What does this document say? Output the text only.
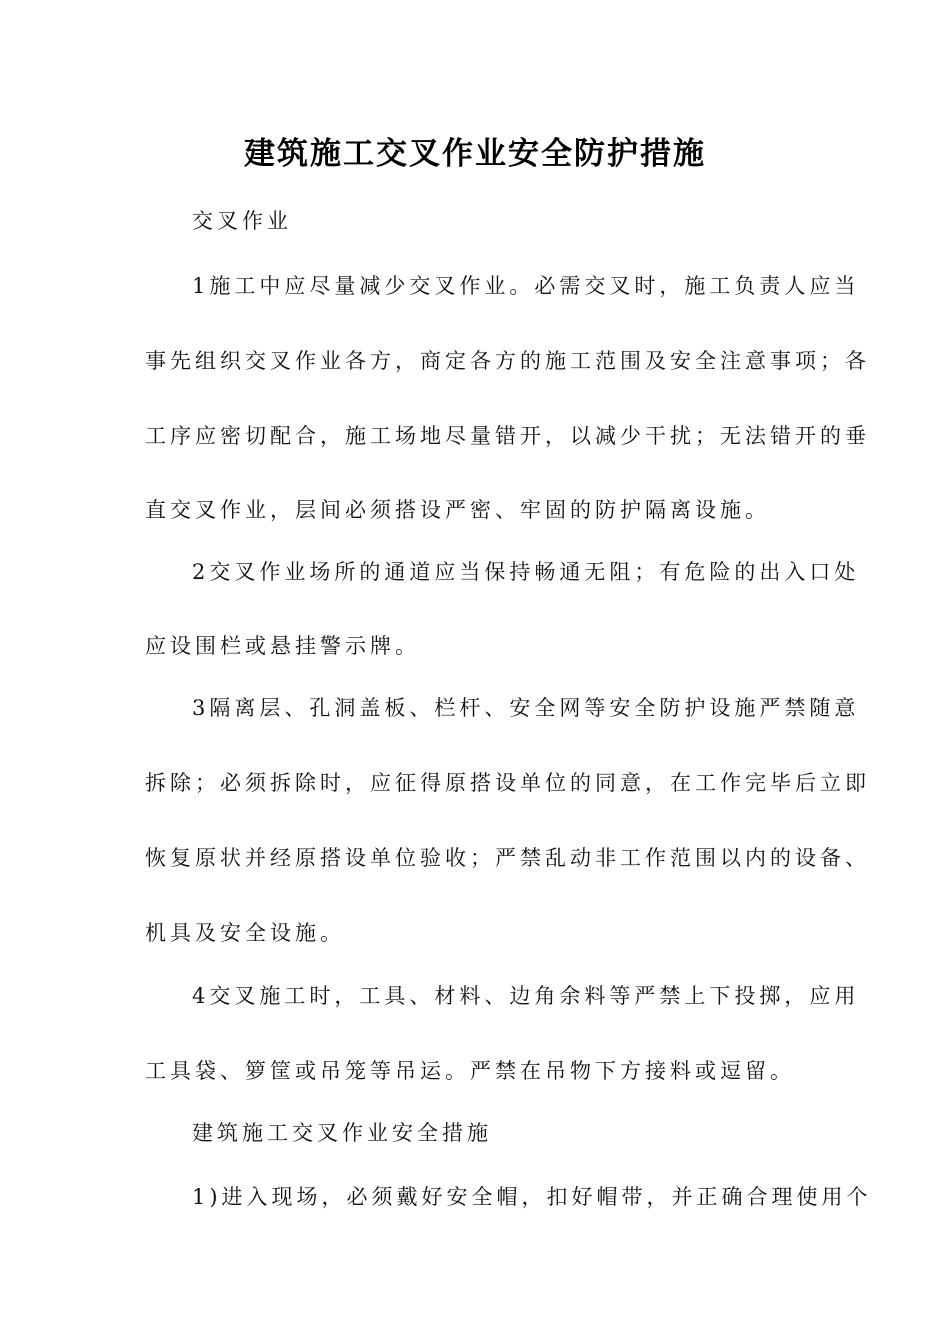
建筑施工交叉作业安全防护措施
交叉作业
1施工中应尽量减少交叉作业。必需交叉时，施工负责人应当
事先组织交叉作业各方，商定各方的施工范围及安全注意事项；各
工序应密切配合，施工场地尽量错开，以减少干扰；无法错开的垂
直交叉作业，层间必须搭设严密、牢固的防护隔离设施。
2交叉作业场所的通道应当保持畅通无阻；有危险的出入口处
应设围栏或悬挂警示牌。
3隔离层、孔洞盖板、栏杆、安全网等安全防护设施严禁随意
拆除；必须拆除时，应征得原搭设单位的同意，在工作完毕后立即
恢复原状并经原搭设单位验收；严禁乱动非工作范围以内的设备、
机具及安全设施。
4交叉施工时，工具、材料、边角余料等严禁上下投掷，应用
工具袋、箩筐或吊笼等吊运。严禁在吊物下方接料或逗留。
建筑施工交叉作业安全措施
1)进入现场，必须戴好安全帽，扣好帽带，并正确合理使用个
